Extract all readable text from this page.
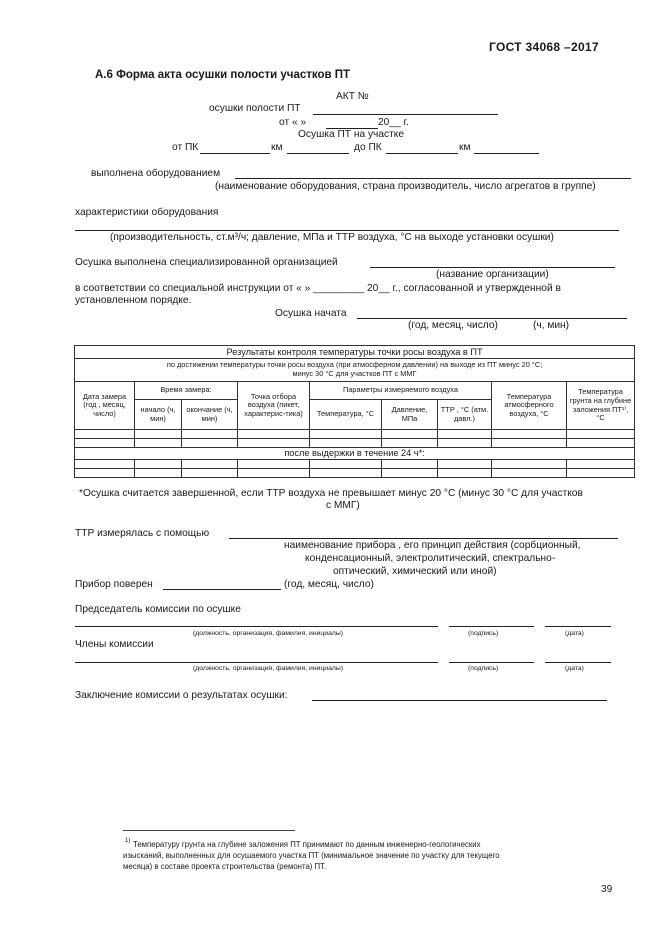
ГОСТ 34068 –2017
А.6 Форма акта осушки полости участков ПТ
АКТ №
осушки полости ПТ
от « »	20__ г.
Осушка ПТ на участке
от ПК	км	до ПК	км
выполнена оборудованием
(наименование оборудования, страна производитель, число агрегатов в группе)
характеристики оборудования
(производительность, ст.м³/ч; давление, МПа и ТТР воздуха, °С на выходе установки осушки)
Осушка выполнена специализированной организацией
(название организации)
в соответствии со специальной инструкции от « » _________ 20__ г., согласованной и утвержденной в
установленном порядке.
Осушка начата
(год, месяц, число)	(ч, мин)
Результаты контроля температуры точки росы воздуха в ПТ								

по достижении температуры точки росы воздуха (при атмосферном давлении) на выходе из ПТ минус 20 °С;
минус 30 °С для участков ПТ с ММГ								

Дата замера (год , месяц, число)	Время замера:		Точка отбора воздуха (пикет, характерис-тика)	Параметры измеряемого воздуха			Температура атмосферного воздуха, °С	Температура грунта на глубине заложения ПТ¹⁾, °С
	начало (ч, мин)	окончание (ч, мин)		Температура, °С	Давление, МПа	ТТР , °С (атм. давл.)		

после выдержки в течение 24 ч*:								

*Осушка считается завершенной, если ТТР воздуха не превышает минус 20 °С (минус 30 °С для участков
с ММГ)
ТТР измерялась с помощью
наименование прибора , его принцип действия (сорбционный,
конденсационный, электролитический, спектрально-
оптический, химический или иной)
Прибор поверен	(год, месяц, число)
Председатель комиссии по осушке
(должность, организация, фамилия, инициалы)	(подпись)	(дата)
Члены комиссии
(должность, организация, фамилия, инициалы)	(подпись)	(дата)
Заключение комиссии о результатах осушки:
1) Температуру грунта на глубине заложения ПТ принимают по данным инженерно-геологических
изысканий, выполненных для осушаемого участка ПТ (минимальное значение по участку для текущего
месяца) в составе проекта строительства (ремонта) ПТ.
39
